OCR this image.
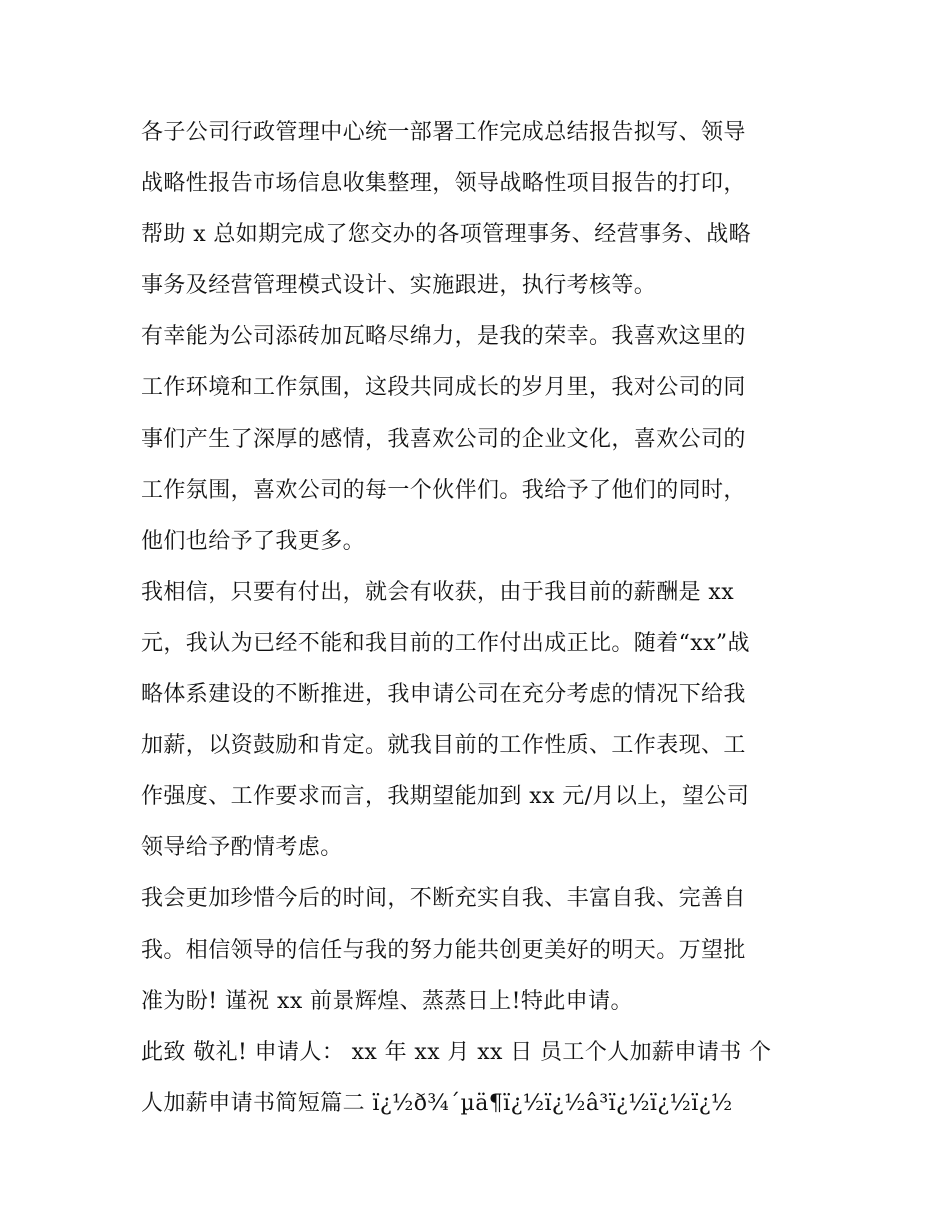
各子公司行政管理中心统一部署工作完成总结报告拟写、领导
战略性报告市场信息收集整理，领导战略性项目报告的打印，
帮助 x 总如期完成了您交办的各项管理事务、经营事务、战略
事务及经营管理模式设计、实施跟进，执行考核等。
有幸能为公司添砖加瓦略尽绵力，是我的荣幸。我喜欢这里的
工作环境和工作氛围，这段共同成长的岁月里，我对公司的同
事们产生了深厚的感情，我喜欢公司的企业文化，喜欢公司的
工作氛围，喜欢公司的每一个伙伴们。我给予了他们的同时，
他们也给予了我更多。
我相信，只要有付出，就会有收获，由于我目前的薪酬是 xx
元，我认为已经不能和我目前的工作付出成正比。随着“xx”战
略体系建设的不断推进，我申请公司在充分考虑的情况下给我
加薪，以资鼓励和肯定。就我目前的工作性质、工作表现、工
作强度、工作要求而言，我期望能加到 xx 元/月以上，望公司
领导给予酌情考虑。
我会更加珍惜今后的时间，不断充实自我、丰富自我、完善自
我。相信领导的信任与我的努力能共创更美好的明天。万望批
准为盼! 谨祝 xx 前景辉煌、蒸蒸日上!特此申请。
此致 敬礼! 申请人： xx 年 xx 月 xx 日 员工个人加薪申请书 个
人加薪申请书简短篇二 ï¿½ð¾´µä¶ï¿½ï¿½â³ï¿½ï¿½ï¿½
